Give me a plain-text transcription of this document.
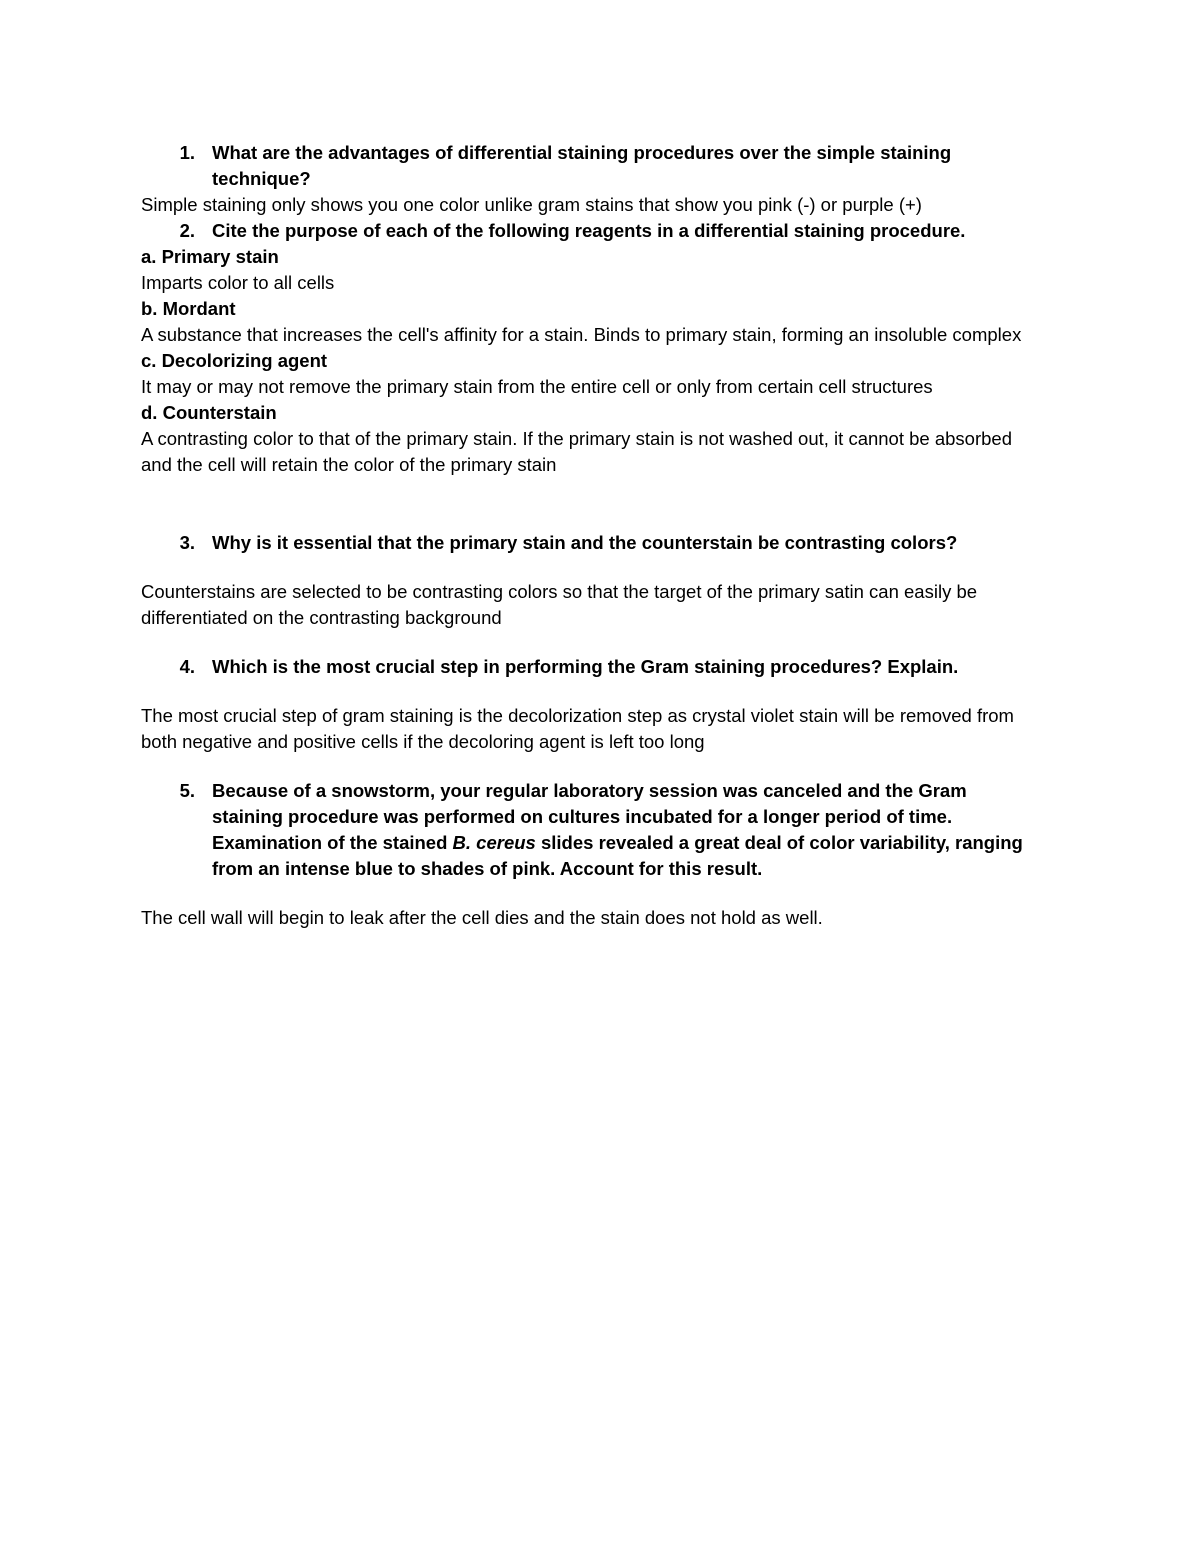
1. What are the advantages of differential staining procedures over the simple staining technique?
Simple staining only shows you one color unlike gram stains that show you pink (-) or purple (+)
2. Cite the purpose of each of the following reagents in a differential staining procedure.
a. Primary stain
Imparts color to all cells
b. Mordant
A substance that increases the cell's affinity for a stain. Binds to primary stain, forming an insoluble complex
c. Decolorizing agent
It may or may not remove the primary stain from the entire cell or only from certain cell structures
d. Counterstain
A contrasting color to that of the primary stain. If the primary stain is not washed out, it cannot be absorbed and the cell will retain the color of the primary stain
3. Why is it essential that the primary stain and the counterstain be contrasting colors?
Counterstains are selected to be contrasting colors so that the target of the primary satin can easily be differentiated on the contrasting background
4. Which is the most crucial step in performing the Gram staining procedures? Explain.
The most crucial step of gram staining is the decolorization step as crystal violet stain will be removed from both negative and positive cells if the decoloring agent is left too long
5. Because of a snowstorm, your regular laboratory session was canceled and the Gram staining procedure was performed on cultures incubated for a longer period of time. Examination of the stained B. cereus slides revealed a great deal of color variability, ranging from an intense blue to shades of pink. Account for this result.
The cell wall will begin to leak after the cell dies and the stain does not hold as well.
